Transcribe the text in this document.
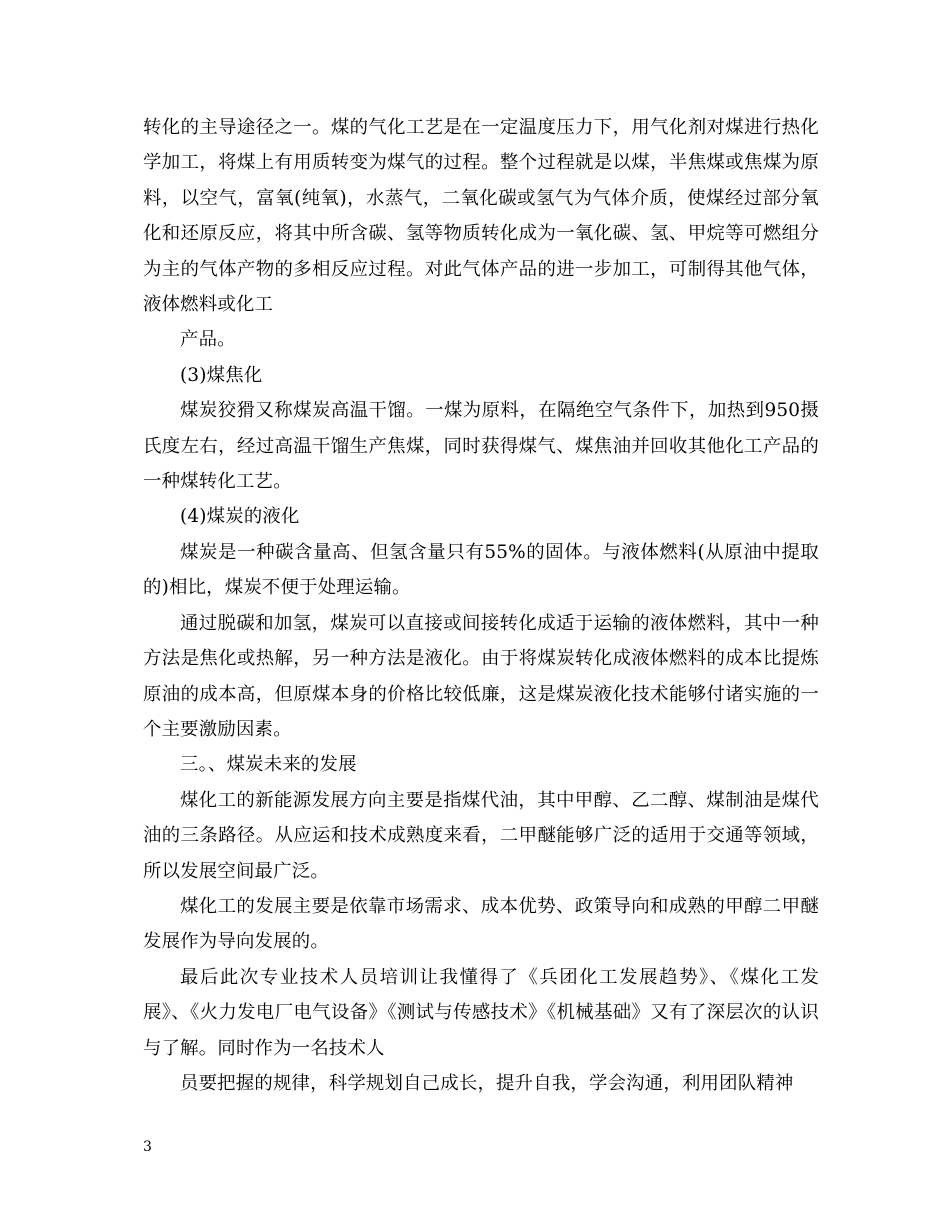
转化的主导途径之一。煤的气化工艺是在一定温度压力下，用气化剂对煤进行热化学加工，将煤上有用质转变为煤气的过程。整个过程就是以煤，半焦煤或焦煤为原料，以空气，富氧(纯氧)，水蒸气，二氧化碳或氢气为气体介质，使煤经过部分氧化和还原反应，将其中所含碳、氢等物质转化成为一氧化碳、氢、甲烷等可燃组分为主的气体产物的多相反应过程。对此气体产品的进一步加工，可制得其他气体，液体燃料或化工

产品。

(3)煤焦化

煤炭狡猾又称煤炭高温干馏。一煤为原料，在隔绝空气条件下，加热到950摄氏度左右，经过高温干馏生产焦煤，同时获得煤气、煤焦油并回收其他化工产品的一种煤转化工艺。

(4)煤炭的液化

煤炭是一种碳含量高、但氢含量只有55%的固体。与液体燃料(从原油中提取的)相比，煤炭不便于处理运输。

通过脱碳和加氢，煤炭可以直接或间接转化成适于运输的液体燃料，其中一种方法是焦化或热解，另一种方法是液化。由于将煤炭转化成液体燃料的成本比提炼原油的成本高，但原煤本身的价格比较低廉，这是煤炭液化技术能够付诸实施的一个主要激励因素。

三。、煤炭未来的发展

煤化工的新能源发展方向主要是指煤代油，其中甲醇、乙二醇、煤制油是煤代油的三条路径。从应运和技术成熟度来看，二甲醚能够广泛的适用于交通等领域，所以发展空间最广泛。

煤化工的发展主要是依靠市场需求、成本优势、政策导向和成熟的甲醇二甲醚发展作为导向发展的。

最后此次专业技术人员培训让我懂得了《兵团化工发展趋势》、《煤化工发展》、《火力发电厂电气设备》《测试与传感技术》《机械基础》又有了深层次的认识与了解。同时作为一名技术人

员要把握的规律，科学规划自己成长，提升自我，学会沟通，利用团队精神

3
